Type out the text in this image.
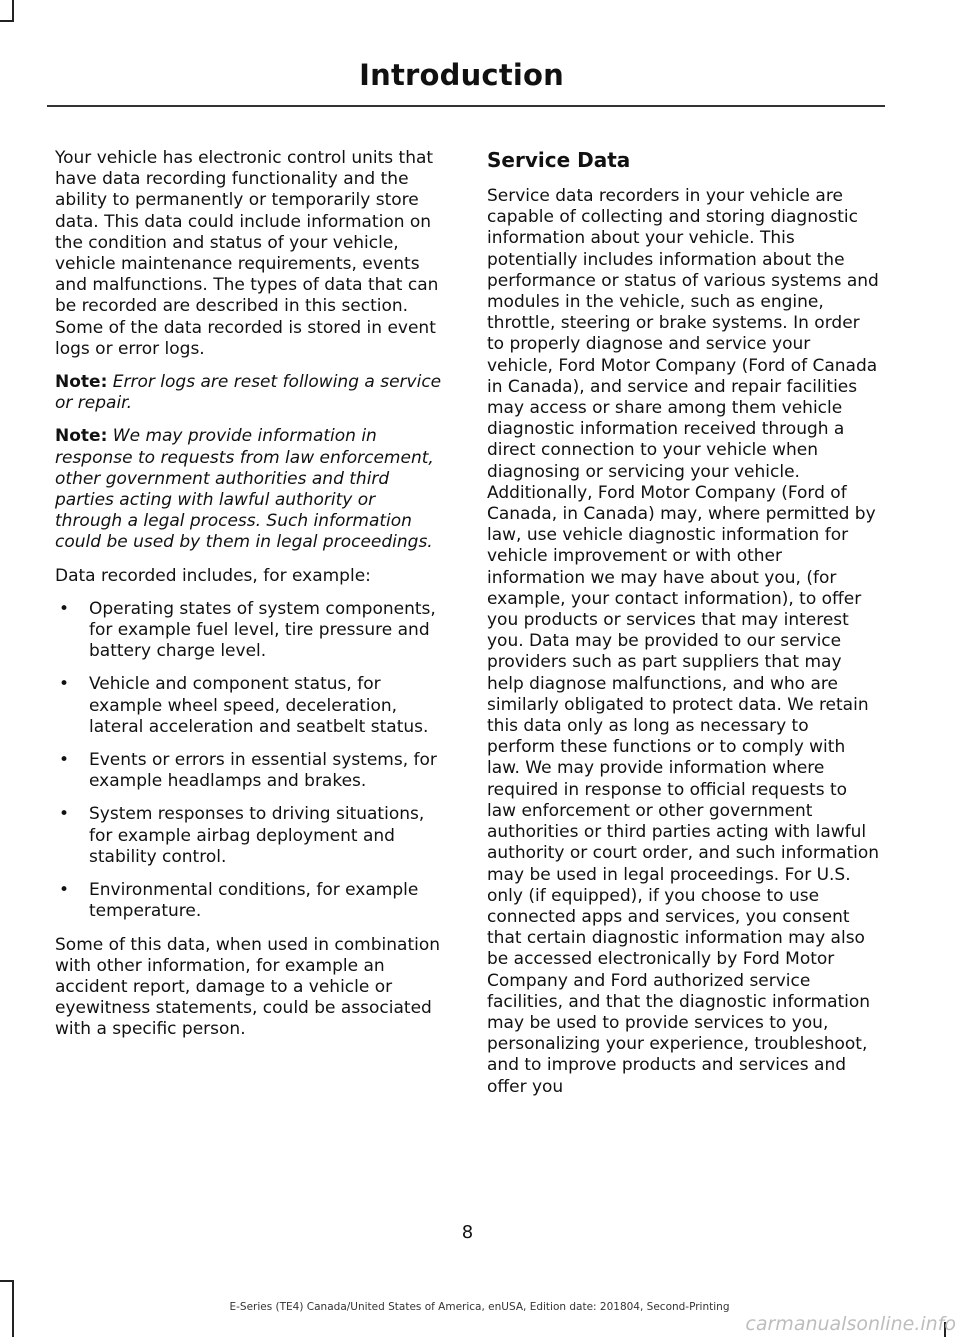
Introduction

Your vehicle has electronic control units that have data recording functionality and the ability to permanently or temporarily store data. This data could include information on the condition and status of your vehicle, vehicle maintenance requirements, events and malfunctions. The types of data that can be recorded are described in this section. Some of the data recorded is stored in event logs or error logs.

Note: Error logs are reset following a service or repair.

Note: We may provide information in response to requests from law enforcement, other government authorities and third parties acting with lawful authority or through a legal process. Such information could be used by them in legal proceedings.

Data recorded includes, for example:

• Operating states of system components, for example fuel level, tire pressure and battery charge level.
• Vehicle and component status, for example wheel speed, deceleration, lateral acceleration and seatbelt status.
• Events or errors in essential systems, for example headlamps and brakes.
• System responses to driving situations, for example airbag deployment and stability control.
• Environmental conditions, for example temperature.

Some of this data, when used in combination with other information, for example an accident report, damage to a vehicle or eyewitness statements, could be associated with a specific person.

Service Data

Service data recorders in your vehicle are capable of collecting and storing diagnostic information about your vehicle. This potentially includes information about the performance or status of various systems and modules in the vehicle, such as engine, throttle, steering or brake systems. In order to properly diagnose and service your vehicle, Ford Motor Company (Ford of Canada in Canada), and service and repair facilities may access or share among them vehicle diagnostic information received through a direct connection to your vehicle when diagnosing or servicing your vehicle. Additionally, Ford Motor Company (Ford of Canada, in Canada) may, where permitted by law, use vehicle diagnostic information for vehicle improvement or with other information we may have about you, (for example, your contact information), to offer you products or services that may interest you. Data may be provided to our service providers such as part suppliers that may help diagnose malfunctions, and who are similarly obligated to protect data. We retain this data only as long as necessary to perform these functions or to comply with law. We may provide information where required in response to official requests to law enforcement or other government authorities or third parties acting with lawful authority or court order, and such information may be used in legal proceedings. For U.S. only (if equipped), if you choose to use connected apps and services, you consent that certain diagnostic information may also be accessed electronically by Ford Motor Company and Ford authorized service facilities, and that the diagnostic information may be used to provide services to you, personalizing your experience, troubleshoot, and to improve products and services and offer you

8
E-Series (TE4) Canada/United States of America, enUSA, Edition date: 201804, Second-Printing
carmanualsonline.info
